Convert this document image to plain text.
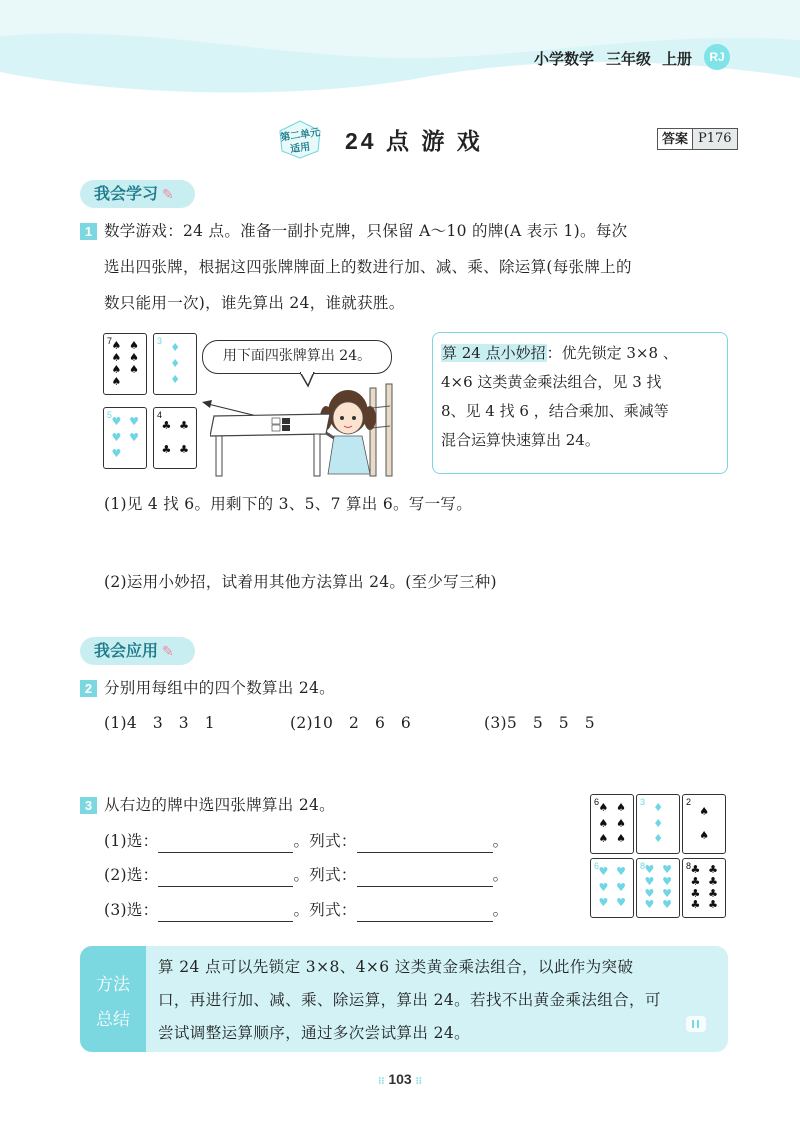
小学数学 三年级 上册	RJ
第二单元
适用	24 点 游 戏	答案 P176
我会学习 ✎
1 数学游戏：24 点。准备一副扑克牌，只保留 A～10 的牌(A 表示 1)。每次
选出四张牌，根据这四张牌牌面上的数进行加、减、乘、除运算(每张牌上的
数只能用一次)，谁先算出 24，谁就获胜。
7 ♠ ♠
♠ ♠
♠ ♠
♠
3 ♦
♦
♦
5 ♥ ♥
♥ ♥
♥
4
♣ ♣
♣ ♣
用下面四张牌算出 24。	算 24 点小妙招：优先锁定 3×8 、
4×6 这类黄金乘法组合，见 3 找
8、见 4 找 6 ，结合乘加、乘减等
混合运算快速算出 24。
(1)见 4 找 6。用剩下的 3、5、7 算出 6。写一写。
(2)运用小妙招，试着用其他方法算出 24。(至少写三种)
我会应用 ✎
2 分别用每组中的四个数算出 24。
(1)4　3　3　1	(2)10　2　6　6	(3)5　5　5　5
3 从右边的牌中选四张牌算出 24。
(1)选：	。列式：	。
(2)选：	。列式：	。
(3)选：	。列式：	。
6 ♠ ♠
♠ ♠
♠ ♠
3 ♦
♦
♦
2
♠
♠
6 ♥ ♥
♥ ♥
♥ ♥
8 ♥ ♥
♥ ♥
♥ ♥
♥ ♥
8 ♣ ♣
♣ ♣
♣ ♣
♣ ♣
方法
总结
算 24 点可以先锁定 3×8、4×6 这类黄金乘法组合，以此作为突破
口，再进行加、减、乘、除运算，算出 24。若找不出黄金乘法组合，可
尝试调整运算顺序，通过多次尝试算出 24。
⁝⁝ 103 ⁝⁝
